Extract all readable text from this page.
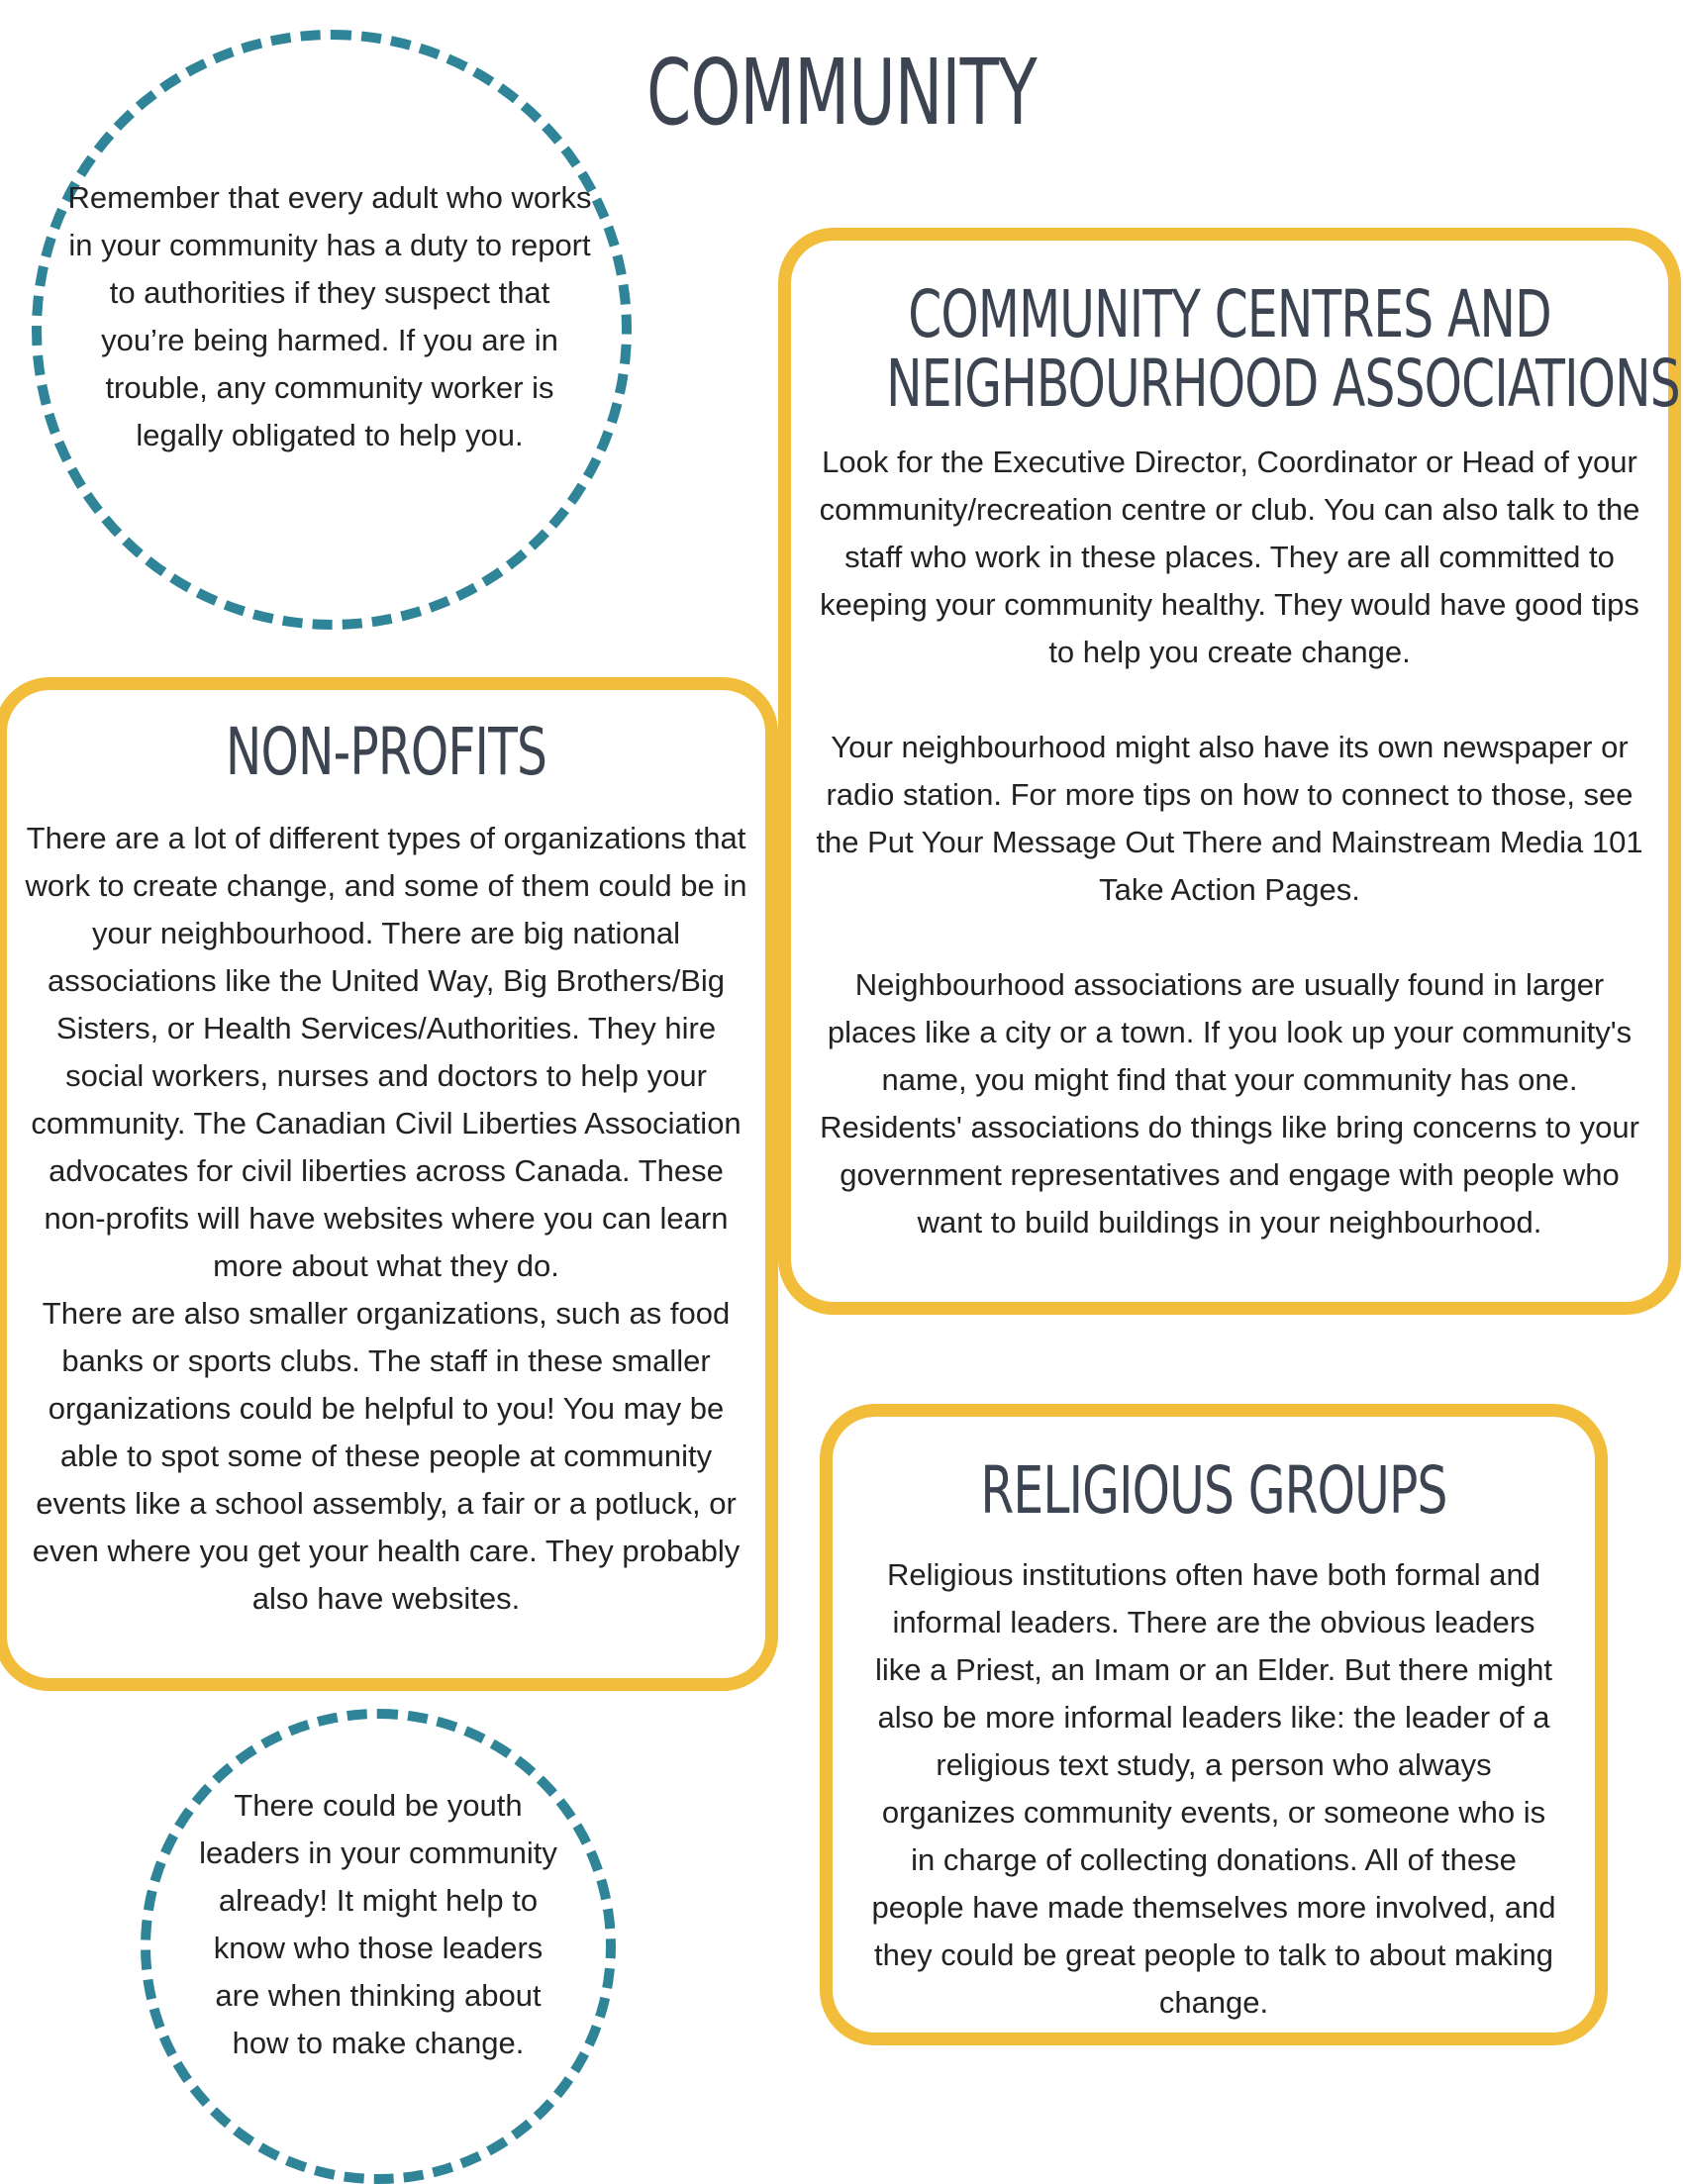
COMMUNITY
Remember that every adult who works in your community has a duty to report to authorities if they suspect that you’re being harmed. If you are in trouble, any community worker is legally obligated to help you.
COMMUNITY CENTRES AND
NEIGHBOURHOOD ASSOCIATIONS

Look for the Executive Director, Coordinator or Head of your community/recreation centre or club. You can also talk to the staff who work in these places. They are all committed to keeping your community healthy. They would have good tips to help you create change.

Your neighbourhood might also have its own newspaper or radio station. For more tips on how to connect to those, see the Put Your Message Out There and Mainstream Media 101 Take Action Pages.

Neighbourhood associations are usually found in larger places like a city or a town. If you look up your community's name, you might find that your community has one. Residents' associations do things like bring concerns to your government representatives and engage with people who want to build buildings in your neighbourhood.

NON-PROFITS

There are a lot of different types of organizations that work to create change, and some of them could be in your neighbourhood. There are big national associations like the United Way, Big Brothers/Big Sisters, or Health Services/Authorities. They hire social workers, nurses and doctors to help your community. The Canadian Civil Liberties Association advocates for civil liberties across Canada. These non-profits will have websites where you can learn more about what they do.

There are also smaller organizations, such as food banks or sports clubs. The staff in these smaller organizations could be helpful to you! You may be able to spot some of these people at community events like a school assembly, a fair or a potluck, or even where you get your health care. They probably also have websites.

RELIGIOUS GROUPS

Religious institutions often have both formal and informal leaders. There are the obvious leaders like a Priest, an Imam or an Elder. But there might also be more informal leaders like: the leader of a religious text study, a person who always organizes community events, or someone who is in charge of collecting donations. All of these people have made themselves more involved, and they could be great people to talk to about making change.

There could be youth leaders in your community already! It might help to know who those leaders are when thinking about how to make change.
